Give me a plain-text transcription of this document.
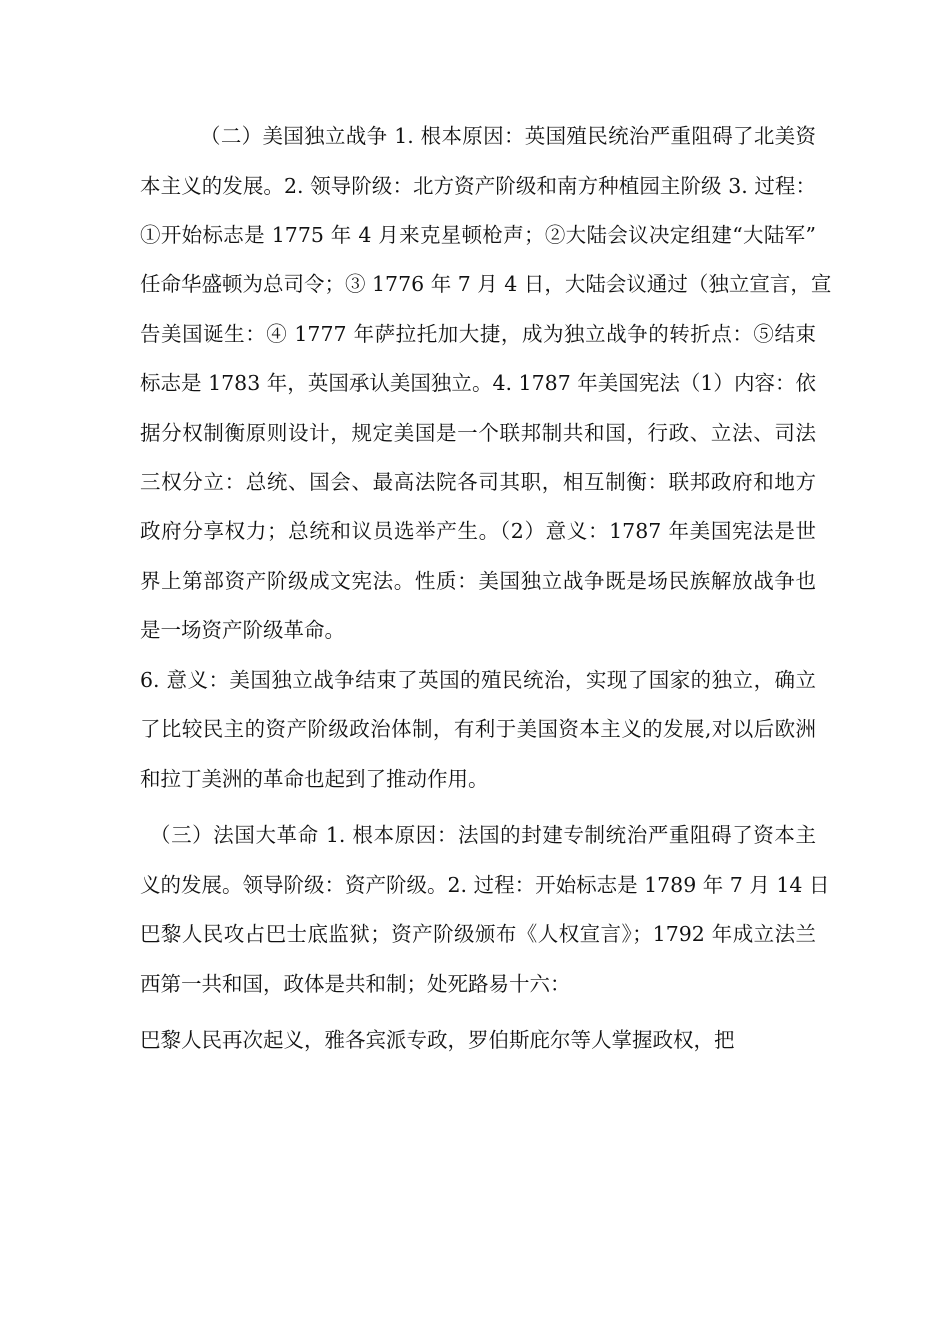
（二）美国独立战争 1. 根本原因：英国殖民统治严重阻碍了北美资
本主义的发展。2. 领导阶级：北方资产阶级和南方种植园主阶级 3. 过程：
①开始标志是 1775 年 4 月来克星顿枪声；②大陆会议决定组建“大陆军”
任命华盛顿为总司令；③ 1776 年 7 月 4 日，大陆会议通过（独立宣言，宣
告美国诞生：④ 1777 年萨拉托加大捷，成为独立战争的转折点：⑤结束
标志是 1783 年，英国承认美国独立。4. 1787 年美国宪法（1）内容：依
据分权制衡原则设计，规定美国是一个联邦制共和国，行政、立法、司法
三权分立：总统、国会、最高法院各司其职，相互制衡：联邦政府和地方
政府分享权力；总统和议员选举产生。（2）意义：1787 年美国宪法是世
界上第部资产阶级成文宪法。性质：美国独立战争既是场民族解放战争也
是一场资产阶级革命。
6. 意义：美国独立战争结束了英国的殖民统治，实现了国家的独立，确立
了比较民主的资产阶级政治体制，有利于美国资本主义的发展,对以后欧洲
和拉丁美洲的革命也起到了推动作用。
（三）法国大革命 1. 根本原因：法国的封建专制统治严重阻碍了资本主
义的发展。领导阶级：资产阶级。2. 过程：开始标志是 1789 年 7 月 14 日
巴黎人民攻占巴士底监狱；资产阶级颁布《人权宣言》；1792 年成立法兰
西第一共和国，政体是共和制；处死路易十六：
巴黎人民再次起义，雅各宾派专政，罗伯斯庇尔等人掌握政权，把
